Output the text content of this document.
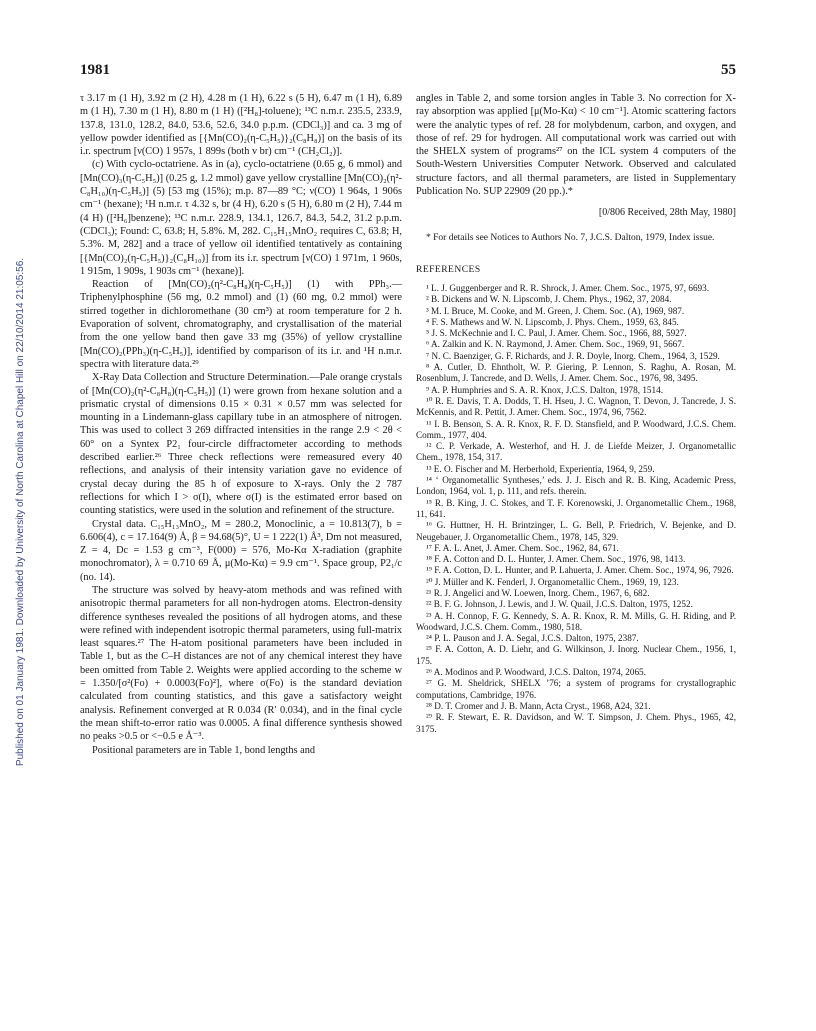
Published on 01 January 1981. Downloaded by University of North Carolina at Chapel Hill on 22/10/2014 21:05:56.
1981	55

τ 3.17 m (1 H), 3.92 m (2 H), 4.28 m (1 H), 6.22 s (5 H), 6.47 m (1 H), 6.89 m (1 H), 7.30 m (1 H), 8.80 m (1 H) ([²H₈]-toluene); ¹³C n.m.r. 235.5, 233.9, 137.8, 131.0, 128.2, 84.0, 53.6, 52.6, 34.0 p.p.m. (CDCl₃)] and ca. 3 mg of yellow powder identified as [{Mn(CO)₂(η-C₅H₅)}₂(C₈H₈)] on the basis of its i.r. spectrum [ν(CO) 1 957s, 1 899s (both v br) cm⁻¹ (CH₂Cl₂)].

(c) With cyclo-octatriene. As in (a), cyclo-octatriene (0.65 g, 6 mmol) and [Mn(CO)₃(η-C₅H₅)] (0.25 g, 1.2 mmol) gave yellow crystalline [Mn(CO)₂(η²-C₈H₁₀)(η-C₅H₅)] (5) [53 mg (15%); m.p. 87—89 °C; ν(CO) 1 964s, 1 906s cm⁻¹ (hexane); ¹H n.m.r. τ 4.32 s, br (4 H), 6.20 s (5 H), 6.80 m (2 H), 7.44 m (4 H) ([²H₆]benzene); ¹³C n.m.r. 228.9, 134.1, 126.7, 84.3, 54.2, 31.2 p.p.m. (CDCl₃); Found: C, 63.8; H, 5.8%. M, 282. C₁₅H₁₅MnO₂ requires C, 63.8; H, 5.3%. M, 282] and a trace of yellow oil identified tentatively as containing [{Mn(CO)₂(η-C₅H₅)}₂(C₈H₁₀)] from its i.r. spectrum [ν(CO) 1 971m, 1 960s, 1 915m, 1 909s, 1 903s cm⁻¹ (hexane)].

Reaction of [Mn(CO)₂(η²-C₈H₈)(η-C₅H₅)] (1) with PPh₃.—Triphenylphosphine (56 mg, 0.2 mmol) and (1) (60 mg, 0.2 mmol) were stirred together in dichloromethane (30 cm³) at room temperature for 2 h. Evaporation of solvent, chromatography, and crystallisation of the material from the one yellow band then gave 33 mg (35%) of yellow crystalline [Mn(CO)₂(PPh₃)(η-C₅H₅)], identified by comparison of its i.r. and ¹H n.m.r. spectra with literature data.²⁹

X-Ray Data Collection and Structure Determination.—Pale orange crystals of [Mn(CO)₂(η²-C₈H₈)(η-C₅H₅)] (1) were grown from hexane solution and a prismatic crystal of dimensions 0.15 × 0.31 × 0.57 mm was selected for mounting in a Lindemann-glass capillary tube in an atmosphere of nitrogen. This was used to collect 3 269 diffracted intensities in the range 2.9 < 2θ < 60° on a Syntex P2₁ four-circle diffractometer according to methods described earlier.²⁶ Three check reflections were remeasured every 40 reflections, and analysis of their intensity variation gave no evidence of crystal decay during the 85 h of exposure to X-rays. Only the 2 787 reflections for which I > σ(I), where σ(I) is the estimated error based on counting statistics, were used in the solution and refinement of the structure.

Crystal data. C₁₅H₁₃MnO₂, M = 280.2, Monoclinic, a = 10.813(7), b = 6.606(4), c = 17.164(9) Å, β = 94.68(5)°, U = 1 222(1) Å³, Dm not measured, Z = 4, Dc = 1.53 g cm⁻³, F(000) = 576, Mo-Kα X-radiation (graphite monochromator), λ = 0.710 69 Å, μ(Mo-Kα) = 9.9 cm⁻¹. Space group, P2₁/c (no. 14).

The structure was solved by heavy-atom methods and was refined with anisotropic thermal parameters for all non-hydrogen atoms. Electron-density difference syntheses revealed the positions of all hydrogen atoms, and these were refined with independent isotropic thermal parameters, using full-matrix least squares.²⁷ The H-atom positional parameters have been included in Table 1, but as the C–H distances are not of any chemical interest they have been omitted from Table 2. Weights were applied according to the scheme w = 1.350/[σ²(Fo) + 0.0003(Fo)²], where σ(Fo) is the standard deviation calculated from counting statistics, and this gave a satisfactory weight analysis. Refinement converged at R 0.034 (R′ 0.034), and in the final cycle the mean shift-to-error ratio was 0.0005. A final difference synthesis showed no peaks >0.5 or <−0.5 e Å⁻³.

Positional parameters are in Table 1, bond lengths and

angles in Table 2, and some torsion angles in Table 3. No correction for X-ray absorption was applied [μ(Mo-Kα) < 10 cm⁻¹]. Atomic scattering factors were the analytic types of ref. 28 for molybdenum, carbon, and oxygen, and those of ref. 29 for hydrogen. All computational work was carried out with the SHELX system of programs²⁷ on the ICL system 4 computers of the South-Western Universities Computer Network. Observed and calculated structure factors, and all thermal parameters, are listed in Supplementary Publication No. SUP 22909 (20 pp.).*

[0/806 Received, 28th May, 1980]
* For details see Notices to Authors No. 7, J.C.S. Dalton, 1979, Index issue.
REFERENCES
¹ L. J. Guggenberger and R. R. Shrock, J. Amer. Chem. Soc., 1975, 97, 6693.
² B. Dickens and W. N. Lipscomb, J. Chem. Phys., 1962, 37, 2084.
³ M. I. Bruce, M. Cooke, and M. Green, J. Chem. Soc. (A), 1969, 987.
⁴ F. S. Mathews and W. N. Lipscomb, J. Phys. Chem., 1959, 63, 845.
⁵ J. S. McKechnie and I. C. Paul, J. Amer. Chem. Soc., 1966, 88, 5927.
⁶ A. Zalkin and K. N. Raymond, J. Amer. Chem. Soc., 1969, 91, 5667.
⁷ N. C. Baenziger, G. F. Richards, and J. R. Doyle, Inorg. Chem., 1964, 3, 1529.
⁸ A. Cutler, D. Ehntholt, W. P. Giering, P. Lennon, S. Raghu, A. Rosan, M. Rosenblum, J. Tancrede, and D. Wells, J. Amer. Chem. Soc., 1976, 98, 3495.
⁹ A. P. Humphries and S. A. R. Knox, J.C.S. Dalton, 1978, 1514.
¹⁰ R. E. Davis, T. A. Dodds, T. H. Hseu, J. C. Wagnon, T. Devon, J. Tancrede, J. S. McKennis, and R. Pettit, J. Amer. Chem. Soc., 1974, 96, 7562.
¹¹ I. B. Benson, S. A. R. Knox, R. F. D. Stansfield, and P. Woodward, J.C.S. Chem. Comm., 1977, 404.
¹² C. P. Verkade, A. Westerhof, and H. J. de Liefde Meizer, J. Organometallic Chem., 1978, 154, 317.
¹³ E. O. Fischer and M. Herberhold, Experientia, 1964, 9, 259.
¹⁴ ‘ Organometallic Syntheses,’ eds. J. J. Eisch and R. B. King, Academic Press, London, 1964, vol. 1, p. 111, and refs. therein.
¹⁵ R. B. King, J. C. Stokes, and T. F. Korenowski, J. Organometallic Chem., 1968, 11, 641.
¹⁶ G. Huttner, H. H. Brintzinger, L. G. Bell, P. Friedrich, V. Bejenke, and D. Neugebauer, J. Organometallic Chem., 1978, 145, 329.
¹⁷ F. A. L. Anet, J. Amer. Chem. Soc., 1962, 84, 671.
¹⁸ F. A. Cotton and D. L. Hunter, J. Amer. Chem. Soc., 1976, 98, 1413.
¹⁹ F. A. Cotton, D. L. Hunter, and P. Lahuerta, J. Amer. Chem. Soc., 1974, 96, 7926.
²⁰ J. Müller and K. Fenderl, J. Organometallic Chem., 1969, 19, 123.
²¹ R. J. Angelici and W. Loewen, Inorg. Chem., 1967, 6, 682.
²² B. F. G. Johnson, J. Lewis, and J. W. Quail, J.C.S. Dalton, 1975, 1252.
²³ A. H. Connop, F. G. Kennedy, S. A. R. Knox, R. M. Mills, G. H. Riding, and P. Woodward, J.C.S. Chem. Comm., 1980, 518.
²⁴ P. L. Pauson and J. A. Segal, J.C.S. Dalton, 1975, 2387.
²⁵ F. A. Cotton, A. D. Liehr, and G. Wilkinson, J. Inorg. Nuclear Chem., 1956, 1, 175.
²⁶ A. Modinos and P. Woodward, J.C.S. Dalton, 1974, 2065.
²⁷ G. M. Sheldrick, SHELX ’76; a system of programs for crystallographic computations, Cambridge, 1976.
²⁸ D. T. Cromer and J. B. Mann, Acta Cryst., 1968, A24, 321.
²⁹ R. F. Stewart, E. R. Davidson, and W. T. Simpson, J. Chem. Phys., 1965, 42, 3175.
